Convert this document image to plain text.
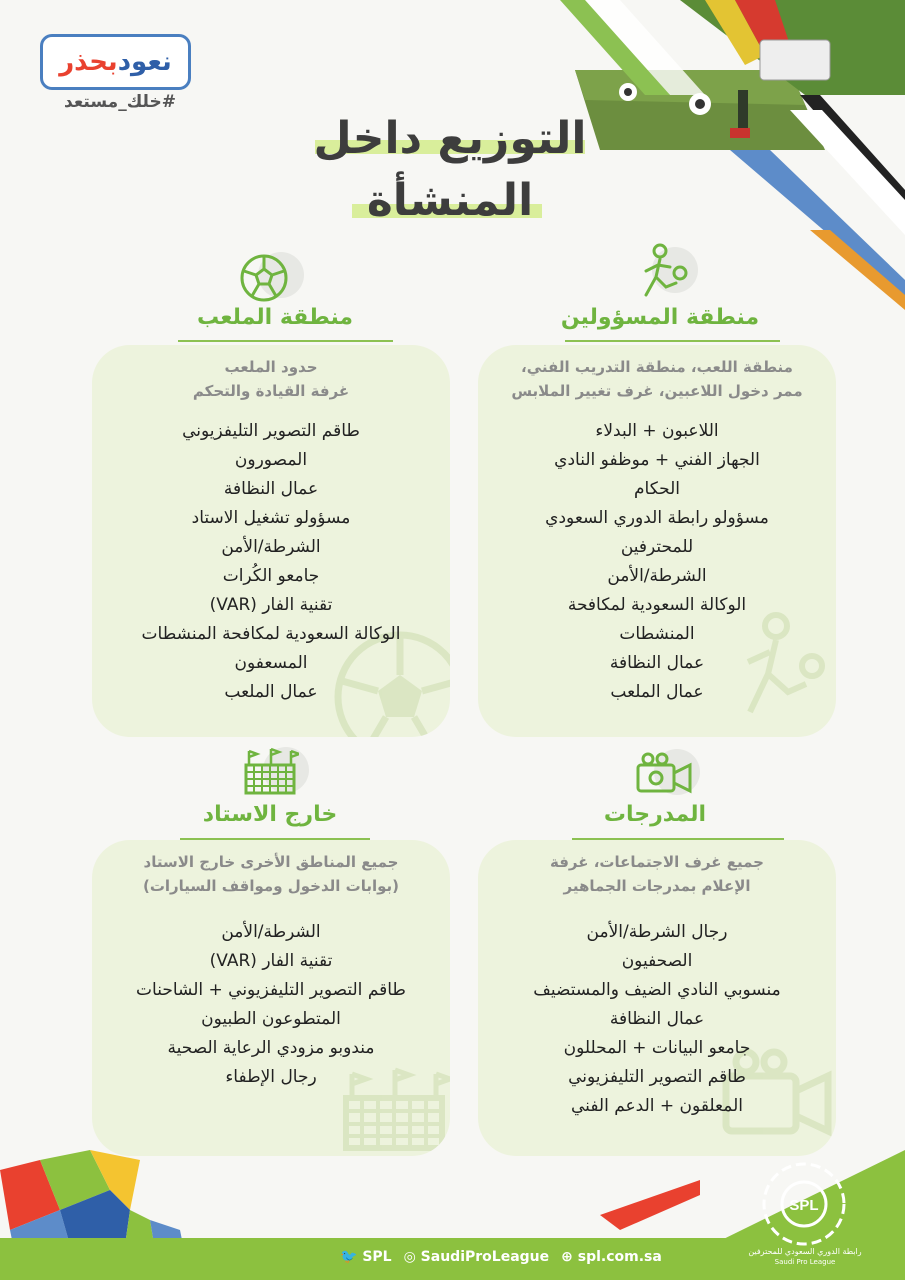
نعود
بحذر
#خلك_مستعد
التوزيع داخل
المنشأة
منطقة المسؤولين
منطقة اللعب، منطقة التدريب الفني،
ممر دخول اللاعبين، غرف تغيير الملابس
اللاعبون + البدلاء
الجهاز الفني + موظفو النادي
الحكام
مسؤولو رابطة الدوري السعودي
للمحترفين
الشرطة/الأمن
الوكالة السعودية لمكافحة
المنشطات
عمال النظافة
عمال الملعب
منطقة الملعب
حدود الملعب
غرفة القيادة والتحكم
طاقم التصوير التليفزيوني
المصورون
عمال النظافة
مسؤولو تشغيل الاستاد
الشرطة/الأمن
جامعو الكُرات
تقنية الفار (VAR)
الوكالة السعودية لمكافحة المنشطات
المسعفون
عمال الملعب
المدرجات
جميع غرف الاجتماعات، غرفة
الإعلام بمدرجات الجماهير
رجال الشرطة/الأمن
الصحفيون
منسوبي النادي الضيف والمستضيف
عمال النظافة
جامعو البيانات + المحللون
طاقم التصوير التليفزيوني
المعلقون + الدعم الفني
خارج الاستاد
جميع المناطق الأخرى خارج الاستاد
(بوابات الدخول ومواقف السيارات)
الشرطة/الأمن
تقنية الفار (VAR)
طاقم التصوير التليفزيوني + الشاحنات
المتطوعون الطبيون
مندوبو مزودي الرعاية الصحية
رجال الإطفاء
🐦 SPL ◎ SaudiProLeague ⊕ spl.com.sa
SPL
رابطة الدوري السعودي للمحترفين
Saudi Pro League
